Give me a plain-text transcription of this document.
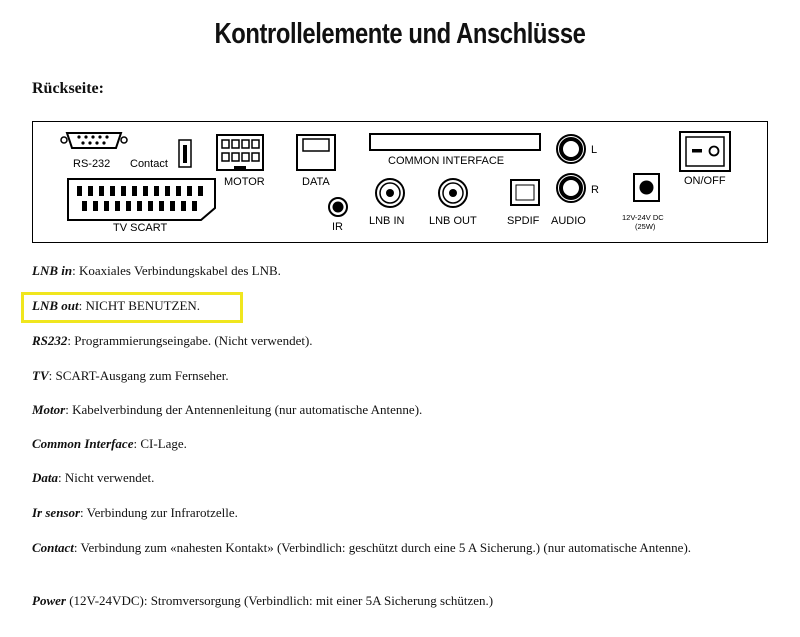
Kontrollelemente und Anschlüsse
Rückseite:
RS-232 Contact
TV SCART
MOTOR	DATA
IR
COMMON INTERFACE
LNB IN LNB OUT	SPDIF
L
R
AUDIO	12V-24V DC
(25W)
ON/OFF

LNB in: Koaxiales Verbindungskabel des LNB.

LNB out: NICHT BENUTZEN.

RS232: Programmierungseingabe. (Nicht verwendet).

TV: SCART-Ausgang zum Fernseher.

Motor: Kabelverbindung der Antennenleitung (nur automatische Antenne).

Common Interface: CI-Lage.

Data: Nicht verwendet.

Ir sensor: Verbindung zur Infrarotzelle.

Contact: Verbindung zum «nahesten Kontakt» (Verbindlich: geschützt durch eine 5 A Sicherung.) (nur automatische Antenne).

Power (12V-24VDC): Stromversorgung (Verbindlich: mit einer 5A Sicherung schützen.)
